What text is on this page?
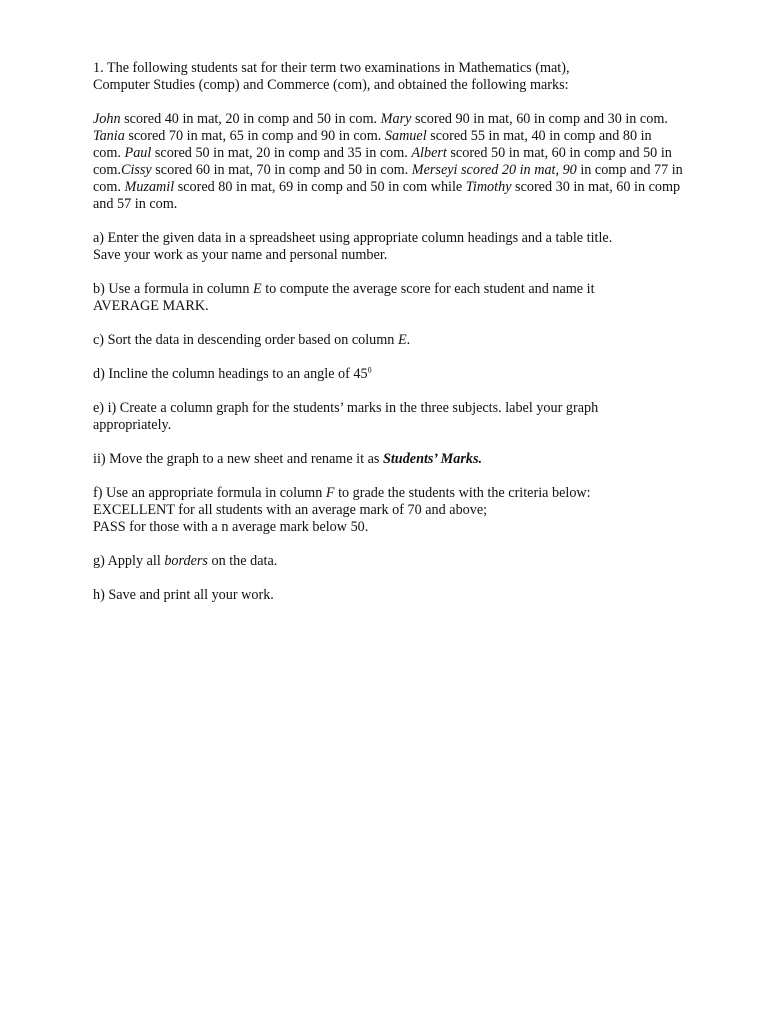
1. The following students sat for their term two examinations in Mathematics (mat),
Computer Studies (comp) and Commerce (com), and obtained the following marks:

John scored 40 in mat, 20 in comp and 50 in com. Mary scored 90 in mat, 60 in comp and 30 in com. Tania scored 70 in mat, 65 in comp and 90 in com. Samuel scored 55 in mat, 40 in comp and 80 in com. Paul scored 50 in mat, 20 in comp and 35 in com. Albert scored 50 in mat, 60 in comp and 50 in com.Cissy scored 60 in mat, 70 in comp and 50 in com. Merseyi scored 20 in mat, 90 in comp and 77 in com. Muzamil scored 80 in mat, 69 in comp and 50 in com while Timothy scored 30 in mat, 60 in comp and 57 in com.

a) Enter the given data in a spreadsheet using appropriate column headings and a table title.
Save your work as your name and personal number.

b) Use a formula in column E to compute the average score for each student and name it
AVERAGE MARK.

c) Sort the data in descending order based on column E.

d) Incline the column headings to an angle of $45^0$

e) i) Create a column graph for the students’ marks in the three subjects. label your graph
appropriately.

ii) Move the graph to a new sheet and rename it as Students’ Marks.

f) Use an appropriate formula in column F to grade the students with the criteria below:
EXCELLENT for all students with an average mark of 70 and above;
PASS for those with a n average mark below 50.

g) Apply all borders on the data.

h) Save and print all your work.
